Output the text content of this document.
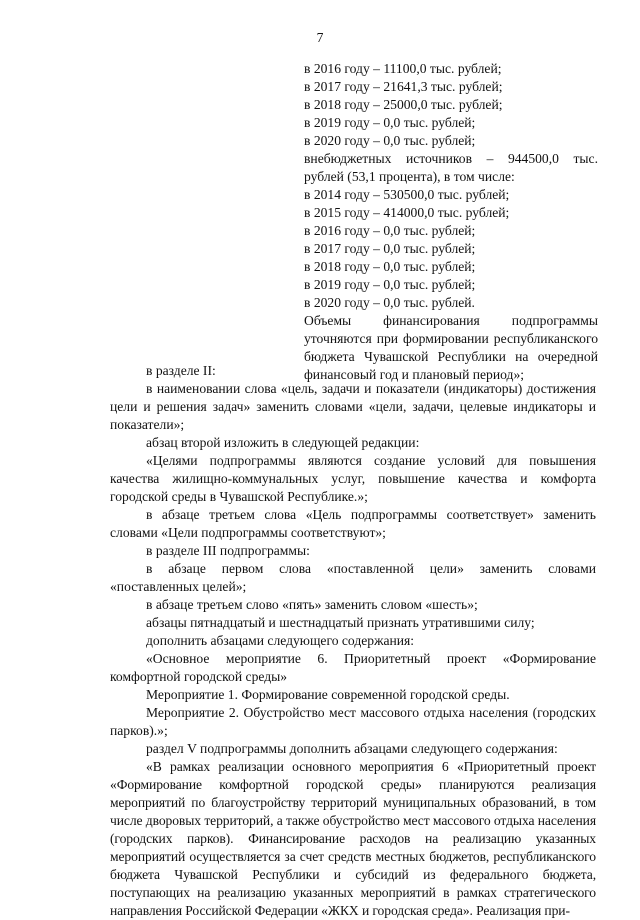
7
в 2016 году – 11100,0 тыс. рублей;
в 2017 году – 21641,3 тыс. рублей;
в 2018 году – 25000,0 тыс. рублей;
в 2019 году – 0,0 тыс. рублей;
в 2020 году – 0,0 тыс. рублей;
внебюджетных источников – 944500,0 тыс.
рублей (53,1 процента), в том числе:
в 2014 году – 530500,0 тыс. рублей;
в 2015 году – 414000,0 тыс. рублей;
в 2016 году – 0,0 тыс. рублей;
в 2017 году – 0,0 тыс. рублей;
в 2018 году – 0,0 тыс. рублей;
в 2019 году – 0,0 тыс. рублей;
в 2020 году – 0,0 тыс. рублей.
Объемы финансирования подпрограммы уточняются при формировании республиканского бюджета Чувашской Республики на очередной финансовый год и плановый период»;

в разделе II:

в наименовании слова «цель, задачи и показатели (индикаторы) достижения цели и решения задач» заменить словами «цели, задачи, целевые индикаторы и показатели»;

абзац второй изложить в следующей редакции:

«Целями подпрограммы являются создание условий для повышения качества жилищно-коммунальных услуг, повышение качества и комфорта городской среды в Чувашской Республике.»;

в абзаце третьем слова «Цель подпрограммы соответствует» заменить словами «Цели подпрограммы соответствуют»;

в разделе III подпрограммы:

в абзаце первом слова «поставленной цели» заменить словами «поставленных целей»;

в абзаце третьем слово «пять» заменить словом «шесть»;

абзацы пятнадцатый и шестнадцатый признать утратившими силу;

дополнить абзацами следующего содержания:

«Основное мероприятие 6. Приоритетный проект «Формирование комфортной городской среды»

Мероприятие 1. Формирование современной городской среды.

Мероприятие 2. Обустройство мест массового отдыха населения (городских парков).»;

раздел V подпрограммы дополнить абзацами следующего содержания:

«В рамках реализации основного мероприятия 6 «Приоритетный проект «Формирование комфортной городской среды» планируются реализация мероприятий по благоустройству территорий муниципальных образований, в том числе дворовых территорий, а также обустройство мест массового отдыха населения (городских парков). Финансирование расходов на реализацию указанных мероприятий осуществляется за счет средств местных бюджетов, республиканского бюджета Чувашской Республики и субсидий из федерального бюджета, поступающих на реализацию указанных мероприятий в рамках стратегического направления Российской Федерации «ЖКХ и городская среда». Реализация при-
